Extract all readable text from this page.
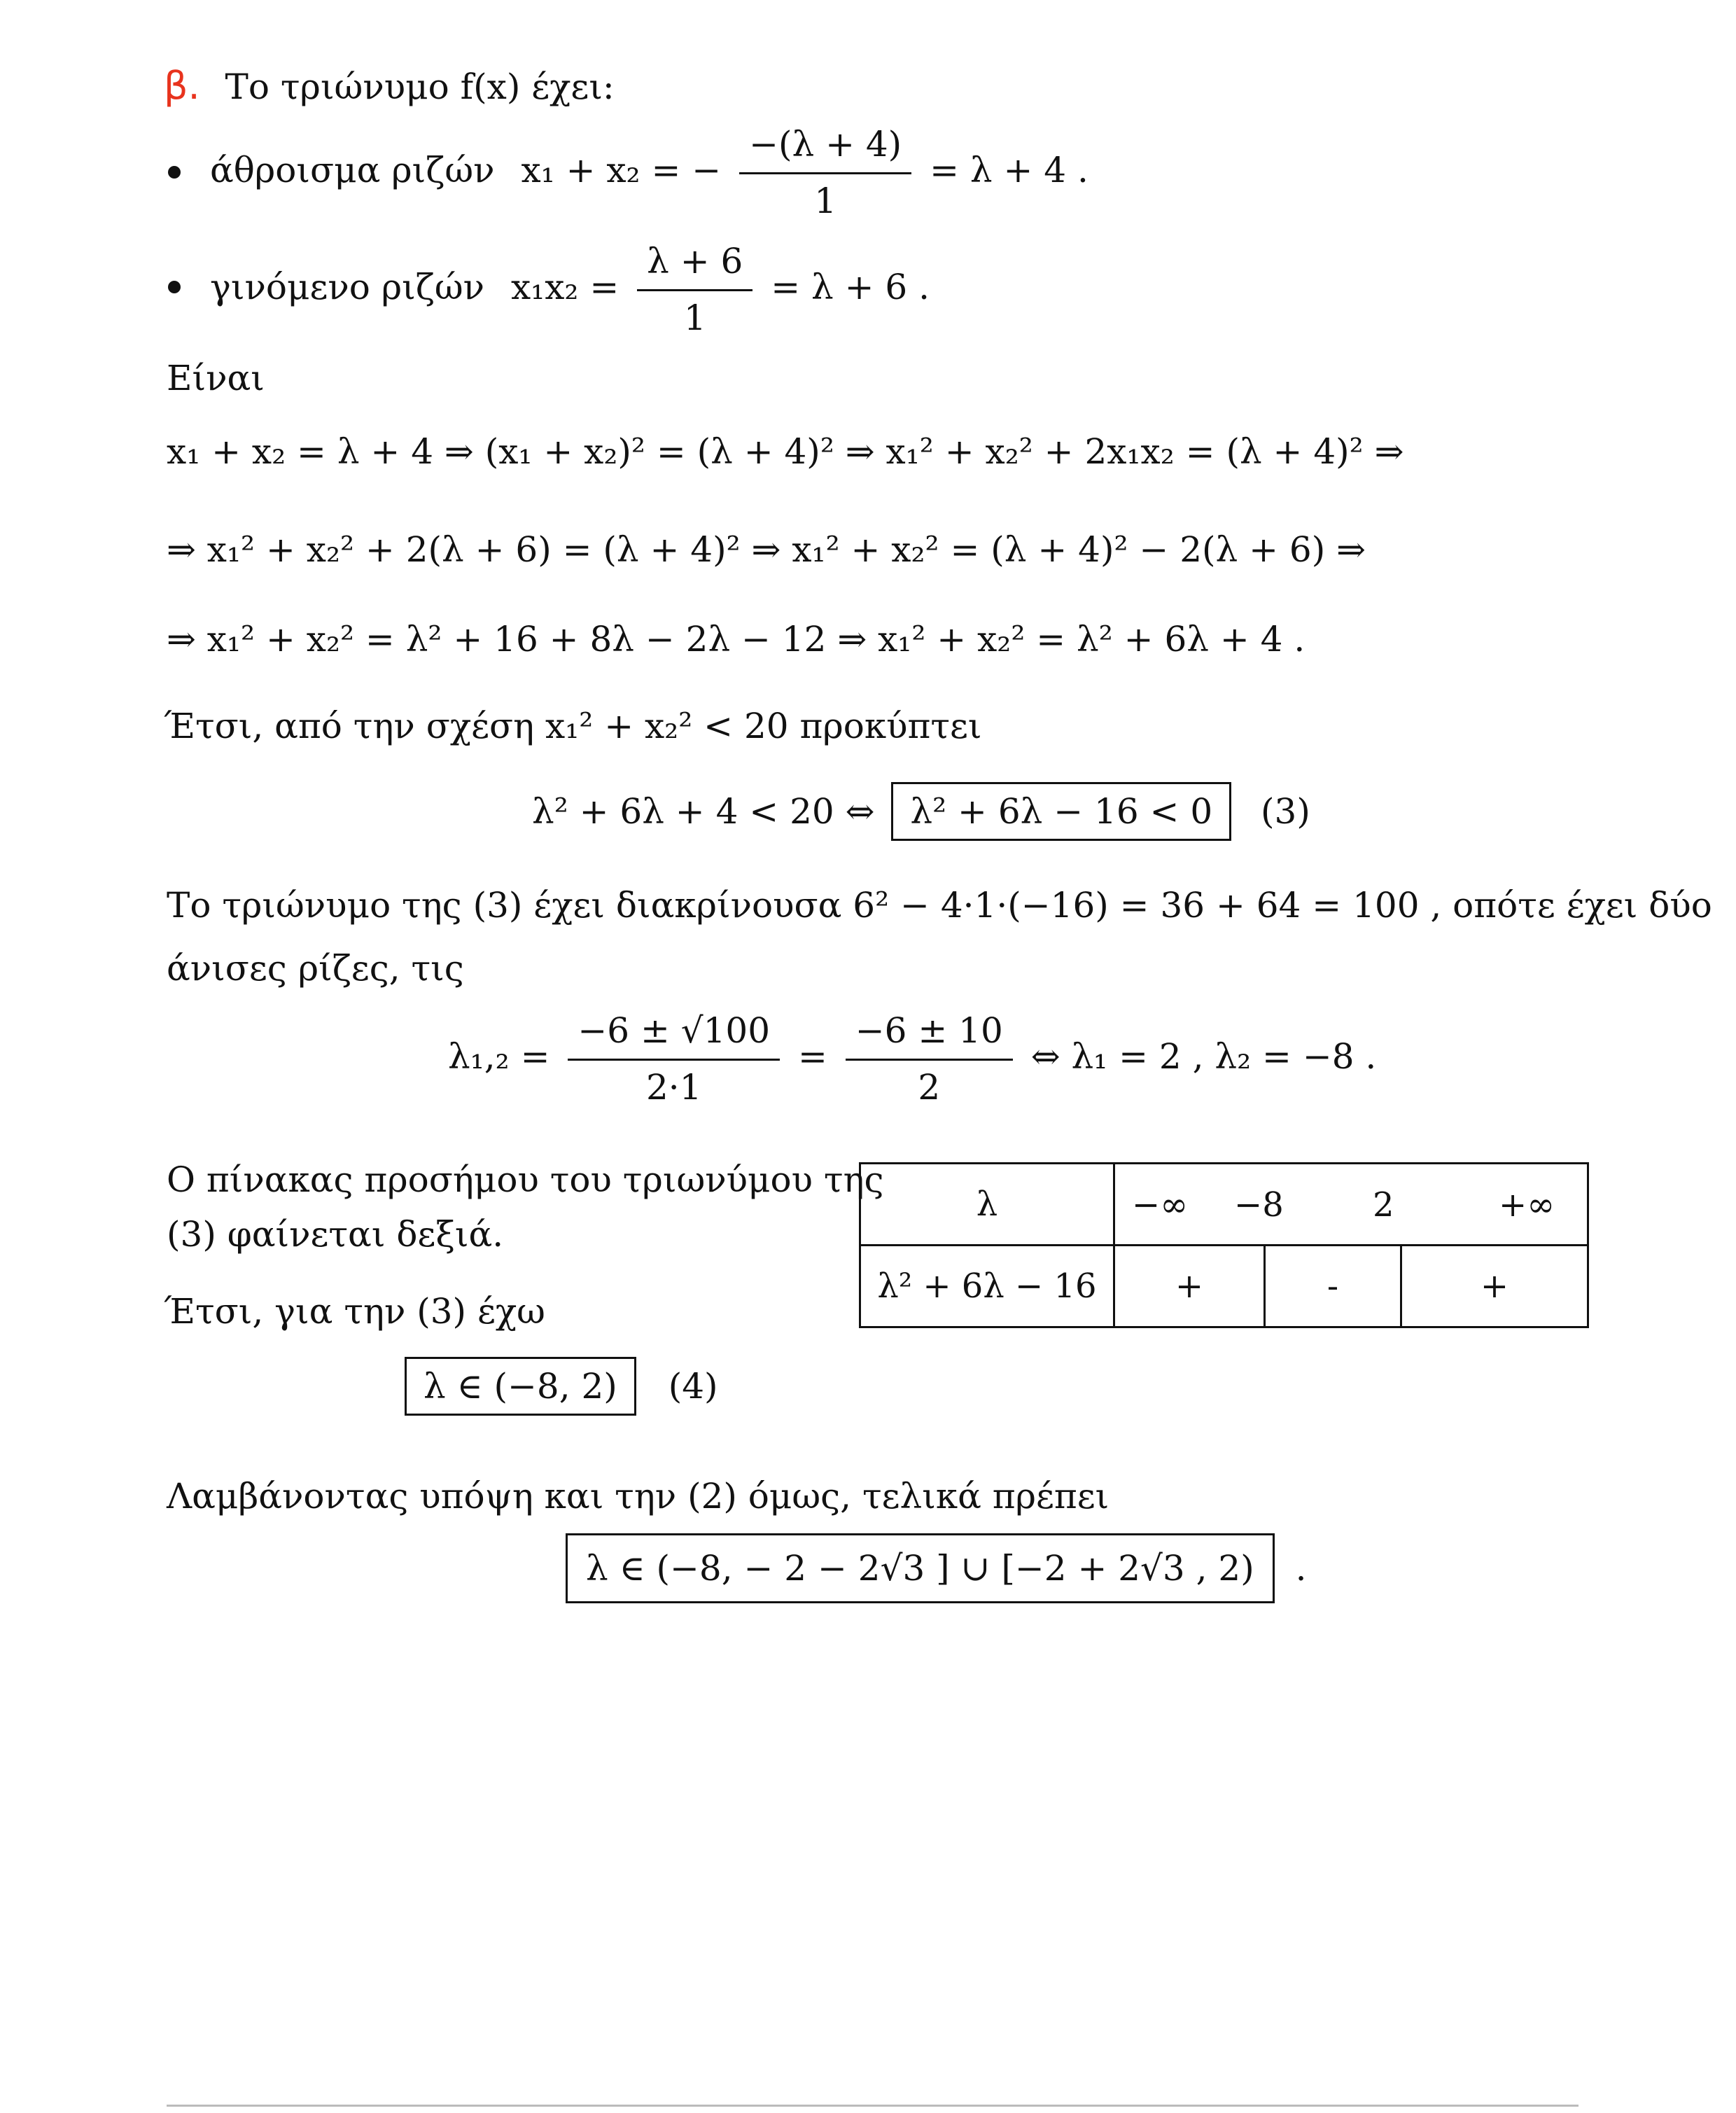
β. Το τριώνυμο f(x) έχει:
άθροισμα ριζών x₁ + x₂ = − $\frac{-(\lambda + 4)}{1} = \lambda + 4$ .
γινόμενο ριζών $x_1x_2 = \frac{\lambda + 6}{1} = \lambda + 6$ .
Είναι
x₁ + x₂ = λ + 4 ⇒ (x₁ + x₂)² = (λ + 4)² ⇒ x₁² + x₂² + 2x₁x₂ = (λ + 4)² ⇒
⇒ x₁² + x₂² + 2(λ + 6) = (λ + 4)² ⇒ x₁² + x₂² = (λ + 4)² − 2(λ + 6) ⇒
⇒ x₁² + x₂² = λ² + 16 + 8λ − 2λ − 12 ⇒ x₁² + x₂² = λ² + 6λ + 4 .
Έτσι, από την σχέση x₁² + x₂² < 20 προκύπτει
λ² + 6λ + 4 < 20 ⇔ λ² + 6λ − 16 < 0 (3)
Το τριώνυμο της (3) έχει διακρίνουσα 6² − 4·1·(−16) = 36 + 64 = 100 , οπότε έχει δύο
άνισες ρίζες, τις
$\lambda_1,_2 = \frac{-6 \pm √100}{2\cdot 1} = \frac{-6 \pm 10}{2}$ ⇔ λ₁ = 2 , λ₂ = −8 .
Ο πίνακας προσήμου του τριωνύμου της
(3) φαίνεται δεξιά.
λ	−∞ −8 2 +∞		

λ² + 6λ − 16	+	-	+
Έτσι, για την (3) έχω
λ ∈ (−8, 2) (4)
Λαμβάνοντας υπόψη και την (2) όμως, τελικά πρέπει
λ ∈ (−8, − 2 − 2√3 ] ∪ [−2 + 2√3 , 2) .
